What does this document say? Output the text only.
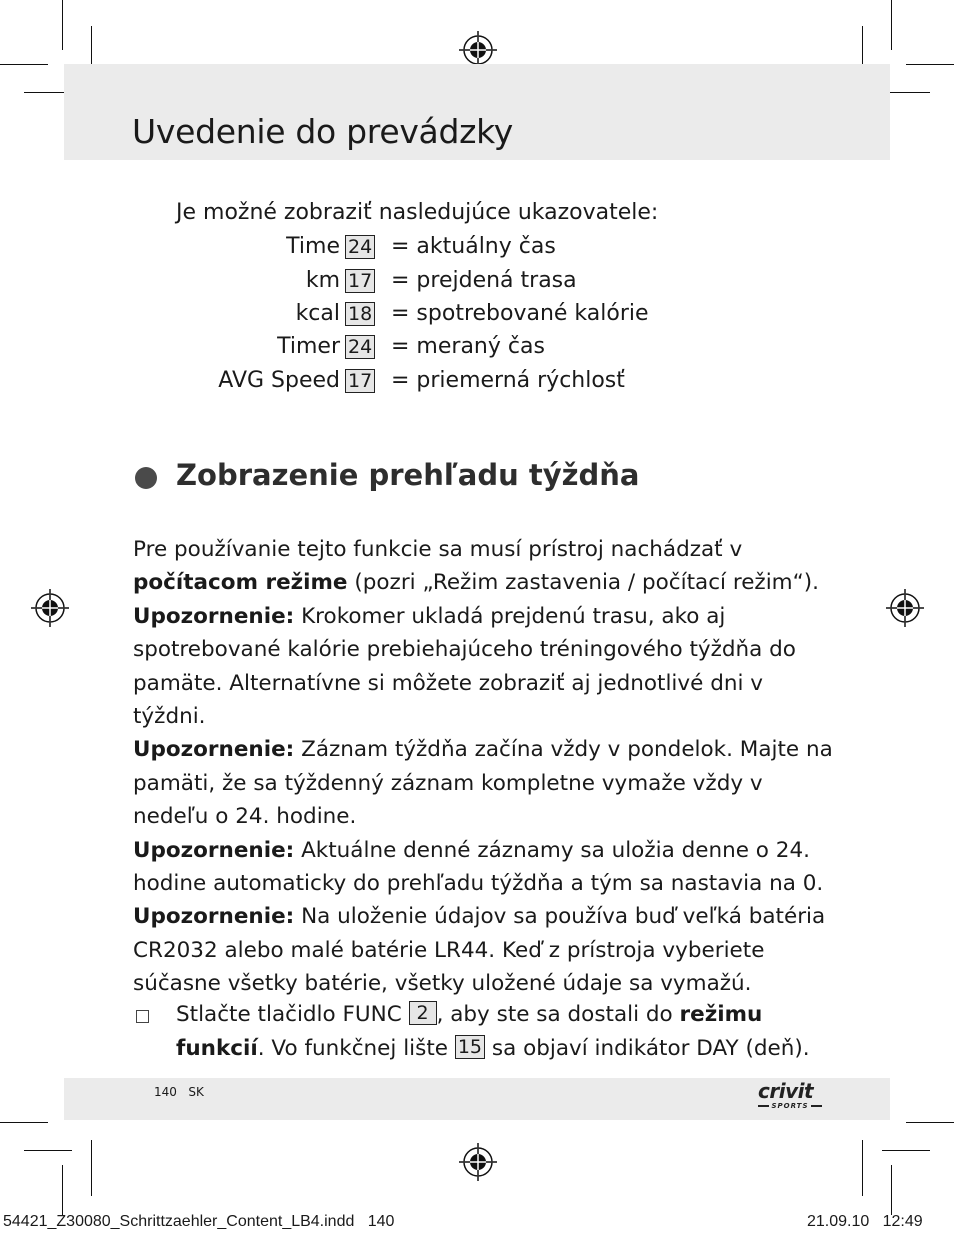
Uvedenie do prevádzky
Je možné zobraziť nasledujúce ukazovatele:
Time 24 = aktuálny čas
km 17 = prejdená trasa
kcal 18 = spotrebované kalórie
Timer 24 = meraný čas
AVG Speed 17 = priemerná rýchlosť
Zobrazenie prehľadu týždňa

Pre používanie tejto funkcie sa musí prístroj nachádzať v počítacom režime (pozri „Režim zastavenia / počítací režim“).

Upozornenie: Krokomer ukladá prejdenú trasu, ako aj spotrebované kalórie prebiehajúceho tréningového týždňa do pamäte. Alternatívne si môžete zobraziť aj jednotlivé dni v týždni.

Upozornenie: Záznam týždňa začína vždy v pondelok. Majte na pamäti, že sa týždenný záznam kompletne vymaže vždy v nedeľu o 24. hodine.

Upozornenie: Aktuálne denné záznamy sa uložia denne o 24. hodine automaticky do prehľadu týždňa a tým sa nastavia na 0.

Upozornenie: Na uloženie údajov sa používa buď veľká batéria CR2032 alebo malé batérie LR44. Keď z prístroja vyberiete súčasne všetky batérie, všetky uložené údaje sa vymažú.

Stlačte tlačidlo FUNC 2 , aby ste sa dostali do režimu funkcií. Vo funkčnej lište 15 sa objaví indikátor DAY (deň).
140 SK	crivit
SPORTS
54421_Z30080_Schrittzaehler_Content_LB4.indd 140	21.09.10 12:49
